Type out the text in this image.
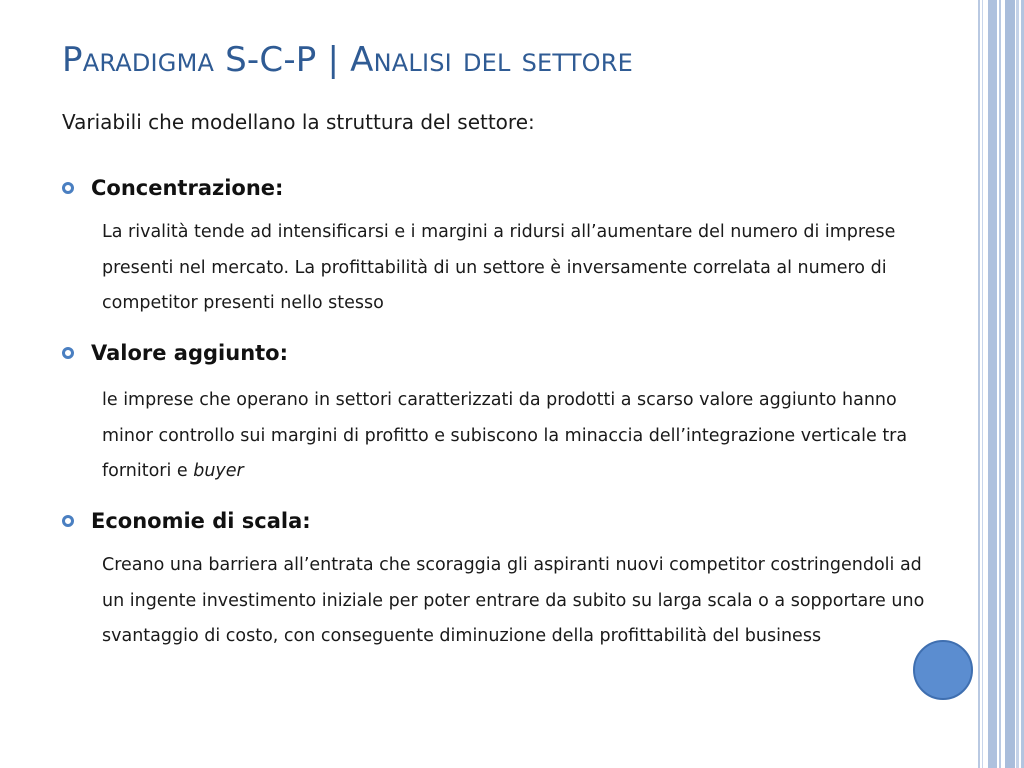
Paradigma S-C-P | Analisi del settore
Variabili che modellano la struttura del settore:
Concentrazione:
La rivalità tende ad intensificarsi e i margini a ridursi all’aumentare del numero di imprese presenti nel mercato. La profittabilità di un settore è inversamente correlata al numero di competitor presenti nello stesso
Valore aggiunto:
le imprese che operano in settori caratterizzati da prodotti a scarso valore aggiunto hanno minor controllo sui margini di profitto e subiscono la minaccia dell’integrazione verticale tra fornitori e buyer
Economie di scala:
Creano una barriera all’entrata che scoraggia gli aspiranti nuovi competitor costringendoli ad un ingente investimento iniziale per poter entrare da subito su larga scala o a sopportare uno svantaggio di costo, con conseguente diminuzione della profittabilità del business
